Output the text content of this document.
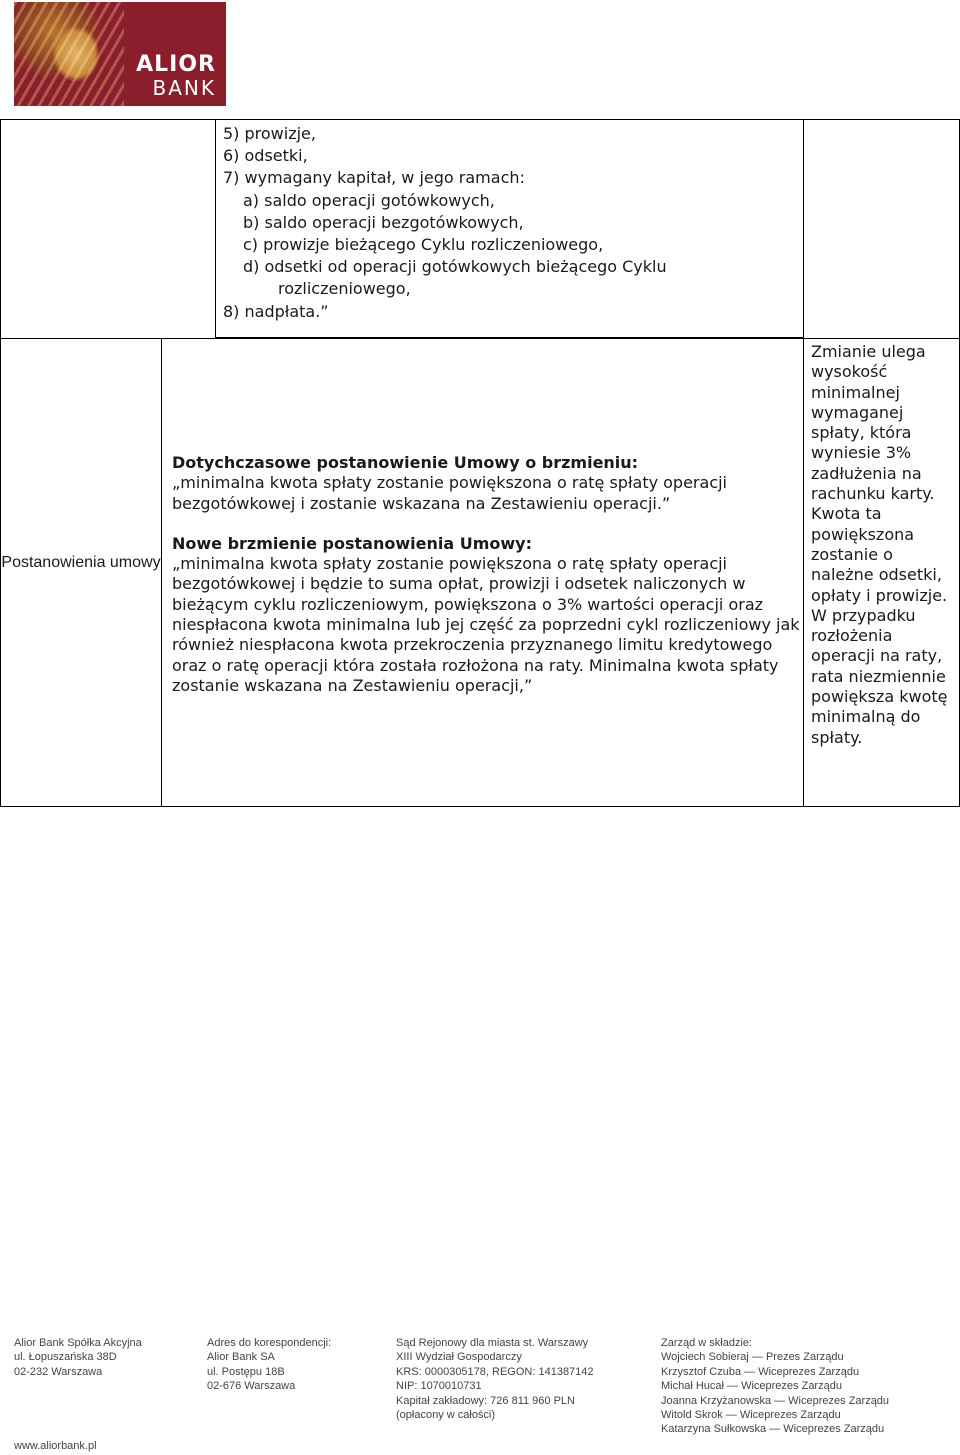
ALIOR
BANK
5) prowizje,
6) odsetki,
7) wymagany kapitał, w jego ramach:
a) saldo operacji gotówkowych,
b) saldo operacji bezgotówkowych,
c) prowizje bieżącego Cyklu rozliczeniowego,
d) odsetki od operacji gotówkowych bieżącego Cyklu
rozliczeniowego,
8) nadpłata.”
Postanowienia umowy

Dotychczasowe postanowienie Umowy o brzmieniu:

„minimalna kwota spłaty zostanie powiększona o ratę spłaty operacji bezgotówkowej i zostanie wskazana na Zestawieniu operacji.”

Nowe brzmienie postanowienia Umowy:

„minimalna kwota spłaty zostanie powiększona o ratę spłaty operacji bezgotówkowej i będzie to suma opłat, prowizji i odsetek naliczonych w bieżącym cyklu rozliczeniowym, powiększona o 3% wartości operacji oraz niespłacona kwota minimalna lub jej część za poprzedni cykl rozliczeniowy jak również niespłacona kwota przekroczenia przyznanego limitu kredytowego oraz o ratę operacji która została rozłożona na raty. Minimalna kwota spłaty zostanie wskazana na Zestawieniu operacji,”

Zmianie ulega wysokość minimalnej wymaganej spłaty, która wyniesie 3% zadłużenia na rachunku karty. Kwota ta powiększona zostanie o należne odsetki, opłaty i prowizje. W przypadku rozłożenia operacji na raty, rata niezmiennie powiększa kwotę minimalną do spłaty.
Alior Bank Spółka Akcyjna
ul. Łopuszańska 38D
02-232 Warszawa
Adres do korespondencji:
Alior Bank SA
ul. Postępu 18B
02-676 Warszawa
Sąd Rejonowy dla miasta st. Warszawy
XIII Wydział Gospodarczy
KRS: 0000305178, REGON: 141387142
NIP: 1070010731
Kapitał zakładowy: 726 811 960 PLN
(opłacony w całości)
Zarząd w składzie:
Wojciech Sobieraj — Prezes Zarządu
Krzysztof Czuba — Wiceprezes Zarządu
Michał Hucał — Wiceprezes Zarządu
Joanna Krzyżanowska — Wiceprezes Zarządu
Witold Skrok — Wiceprezes Zarządu
Katarzyna Sułkowska — Wiceprezes Zarządu
www.aliorbank.pl
